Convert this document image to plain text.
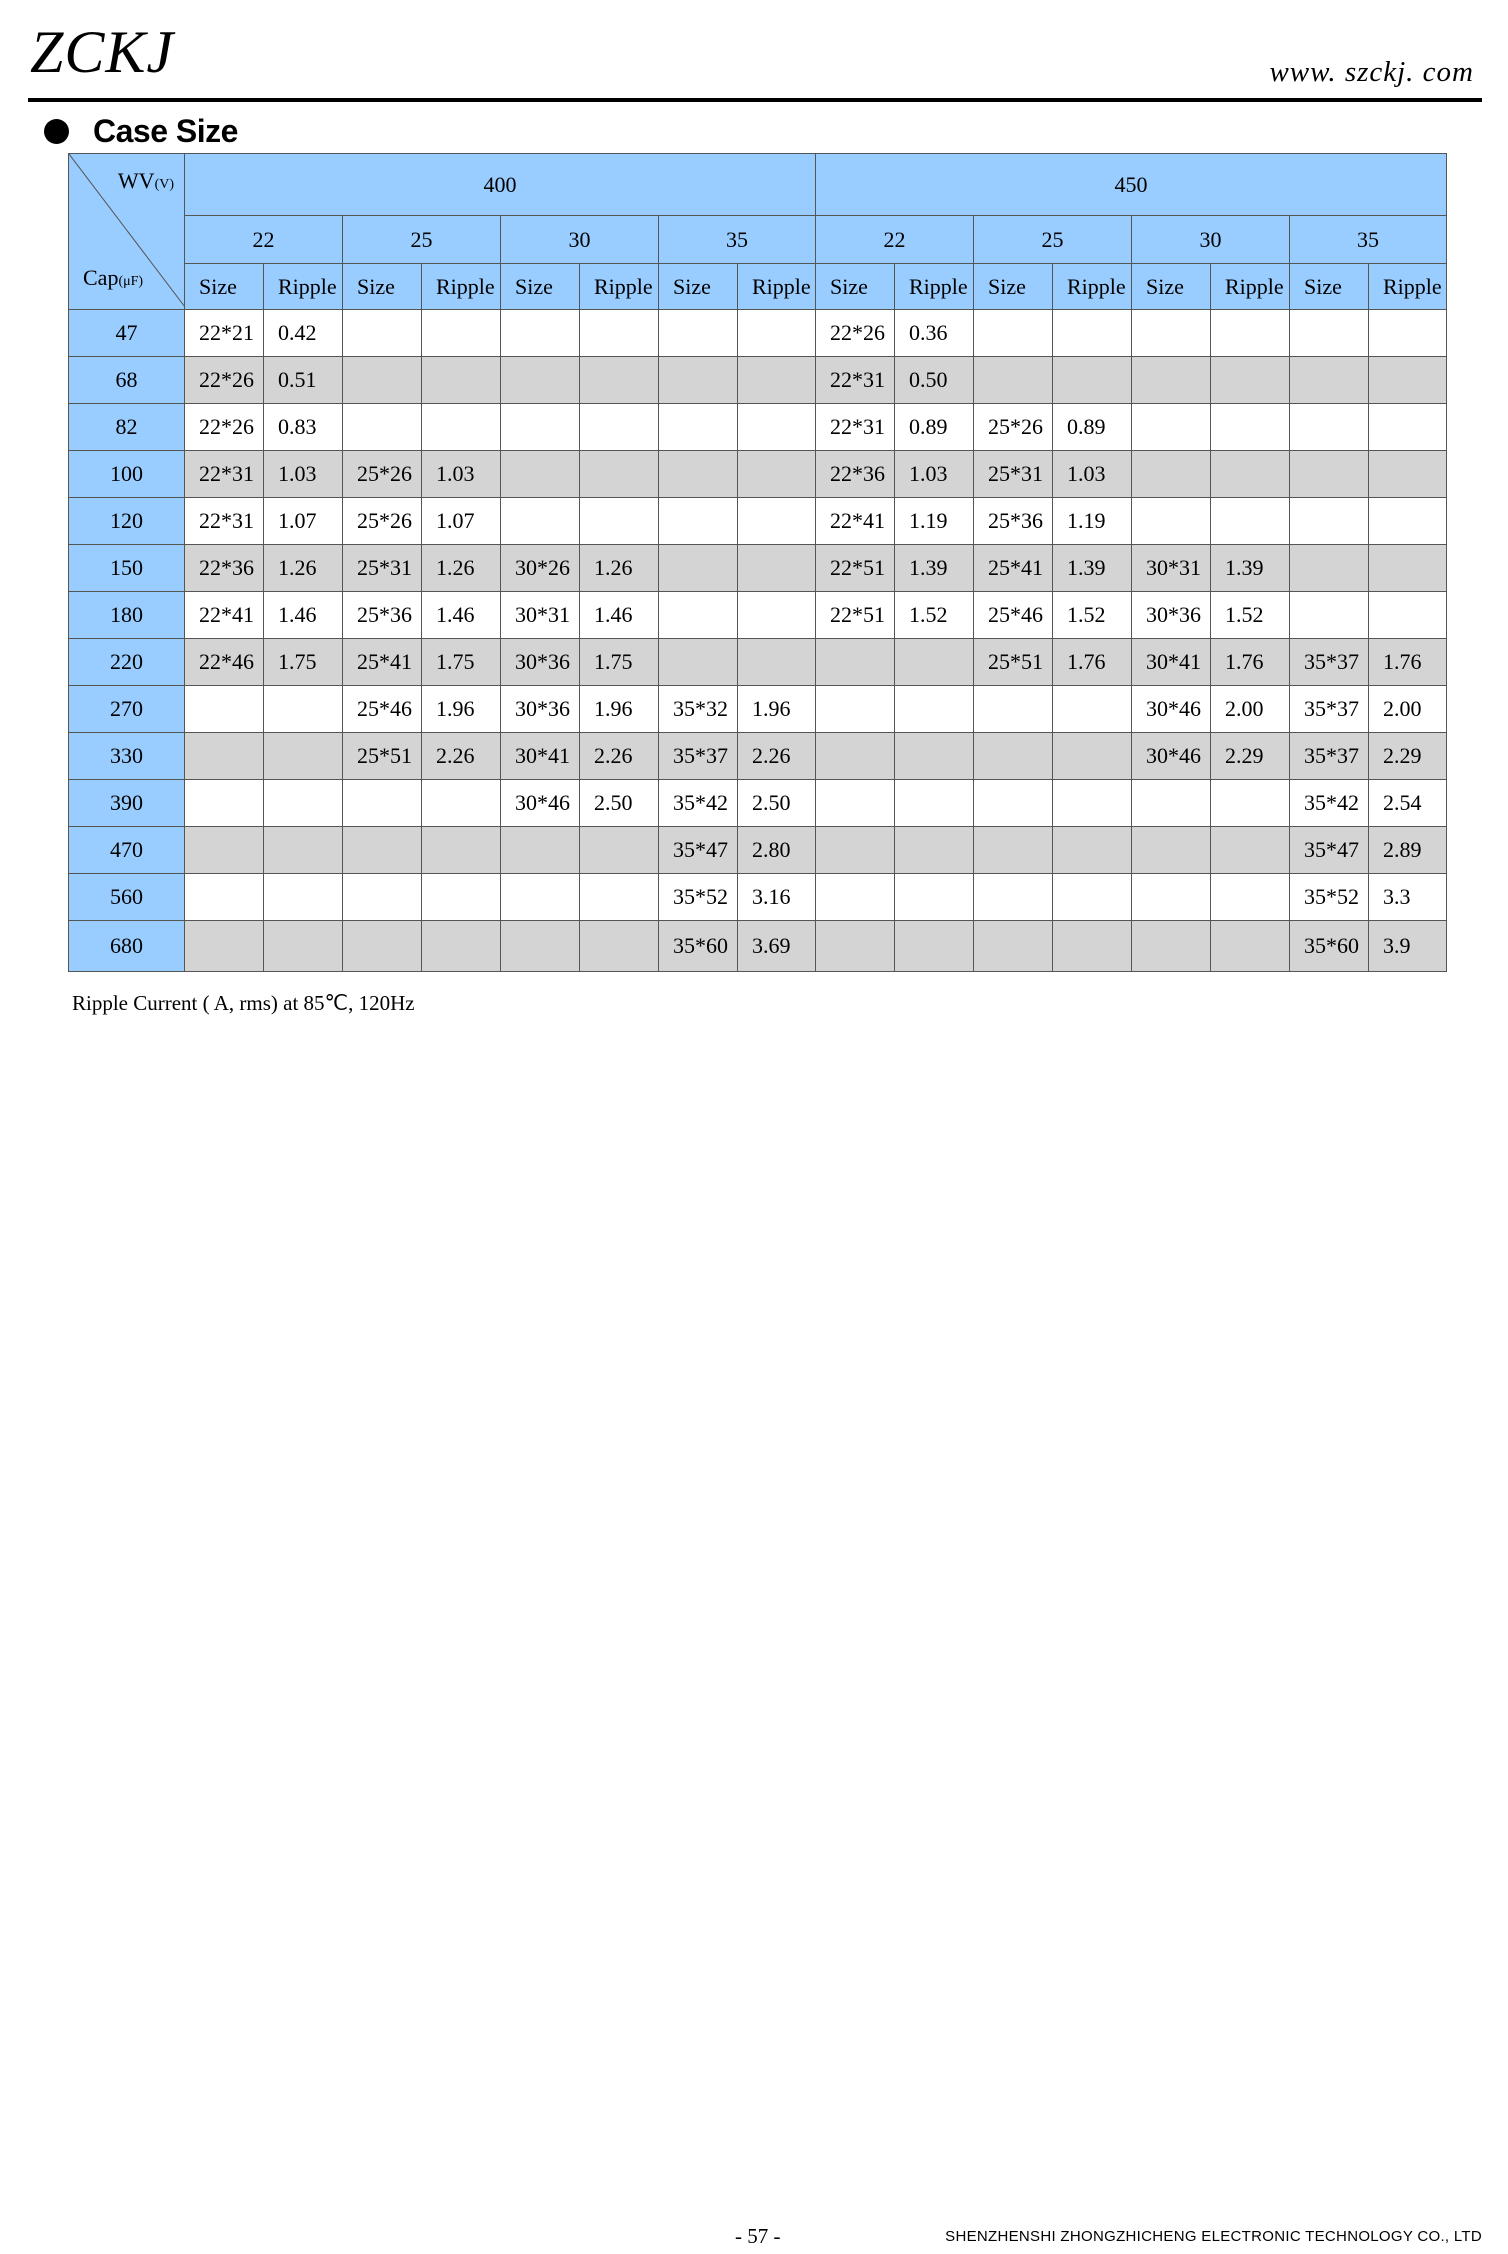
ZCKJ	www. szckj. com
Case Size
WV(V)
Cap(μF)	400								450							
	22		25		30		35		22		25		30		35	
	Size	Ripple	Size	Ripple	Size	Ripple	Size	Ripple	Size	Ripple	Size	Ripple	Size	Ripple	Size	Ripple
47	22*21	0.42							22*26	0.36						
68	22*26	0.51							22*31	0.50						
82	22*26	0.83							22*31	0.89	25*26	0.89				
100	22*31	1.03	25*26	1.03					22*36	1.03	25*31	1.03				
120	22*31	1.07	25*26	1.07					22*41	1.19	25*36	1.19				
150	22*36	1.26	25*31	1.26	30*26	1.26			22*51	1.39	25*41	1.39	30*31	1.39		
180	22*41	1.46	25*36	1.46	30*31	1.46			22*51	1.52	25*46	1.52	30*36	1.52		
220	22*46	1.75	25*41	1.75	30*36	1.75					25*51	1.76	30*41	1.76	35*37	1.76
270			25*46	1.96	30*36	1.96	35*32	1.96					30*46	2.00	35*37	2.00
330			25*51	2.26	30*41	2.26	35*37	2.26					30*46	2.29	35*37	2.29
390					30*46	2.50	35*42	2.50							35*42	2.54
470							35*47	2.80							35*47	2.89
560							35*52	3.16							35*52	3.3
680							35*60	3.69							35*60	3.9
Ripple Current ( A, rms) at 85℃, 120Hz
- 57 -	SHENZHENSHI ZHONGZHICHENG ELECTRONIC TECHNOLOGY CO., LTD
